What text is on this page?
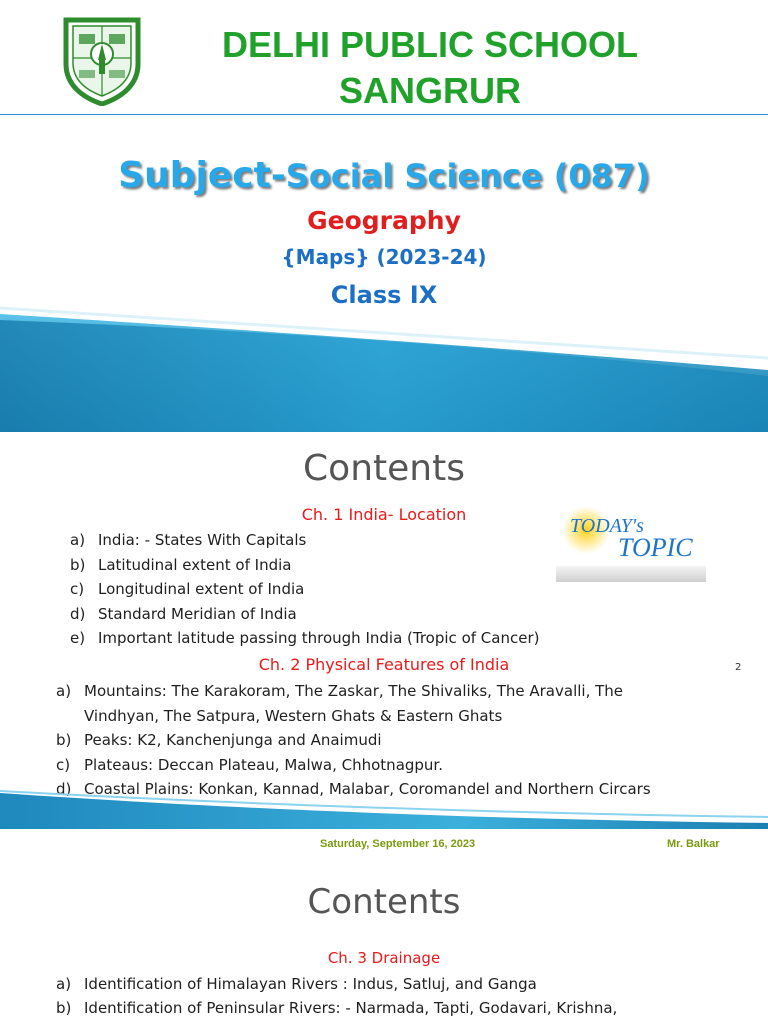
DELHI PUBLIC SCHOOL
SANGRUR
Subject-Social Science (087)
Geography
{Maps} (2023-24)
Class IX
Contents
Ch. 1 India- Location
a) India: - States With Capitals
b) Latitudinal extent of India
c) Longitudinal extent of India
d) Standard Meridian of India
e) Important latitude passing through India (Tropic of Cancer)
TODAY's
TOPIC
2
Ch. 2 Physical Features of India
a) Mountains: The Karakoram, The Zaskar, The Shivaliks, The Aravalli, The Vindhyan, The Satpura, Western Ghats & Eastern Ghats
b) Peaks: K2, Kanchenjunga and Anaimudi
c) Plateaus: Deccan Plateau, Malwa, Chhotnagpur.
d) Coastal Plains: Konkan, Kannad, Malabar, Coromandel and Northern Circars
Saturday, September 16, 2023	Mr. Balkar
Contents
Ch. 3 Drainage
a) Identification of Himalayan Rivers : Indus, Satluj, and Ganga
b) Identification of Peninsular Rivers: - Narmada, Tapti, Godavari, Krishna,
